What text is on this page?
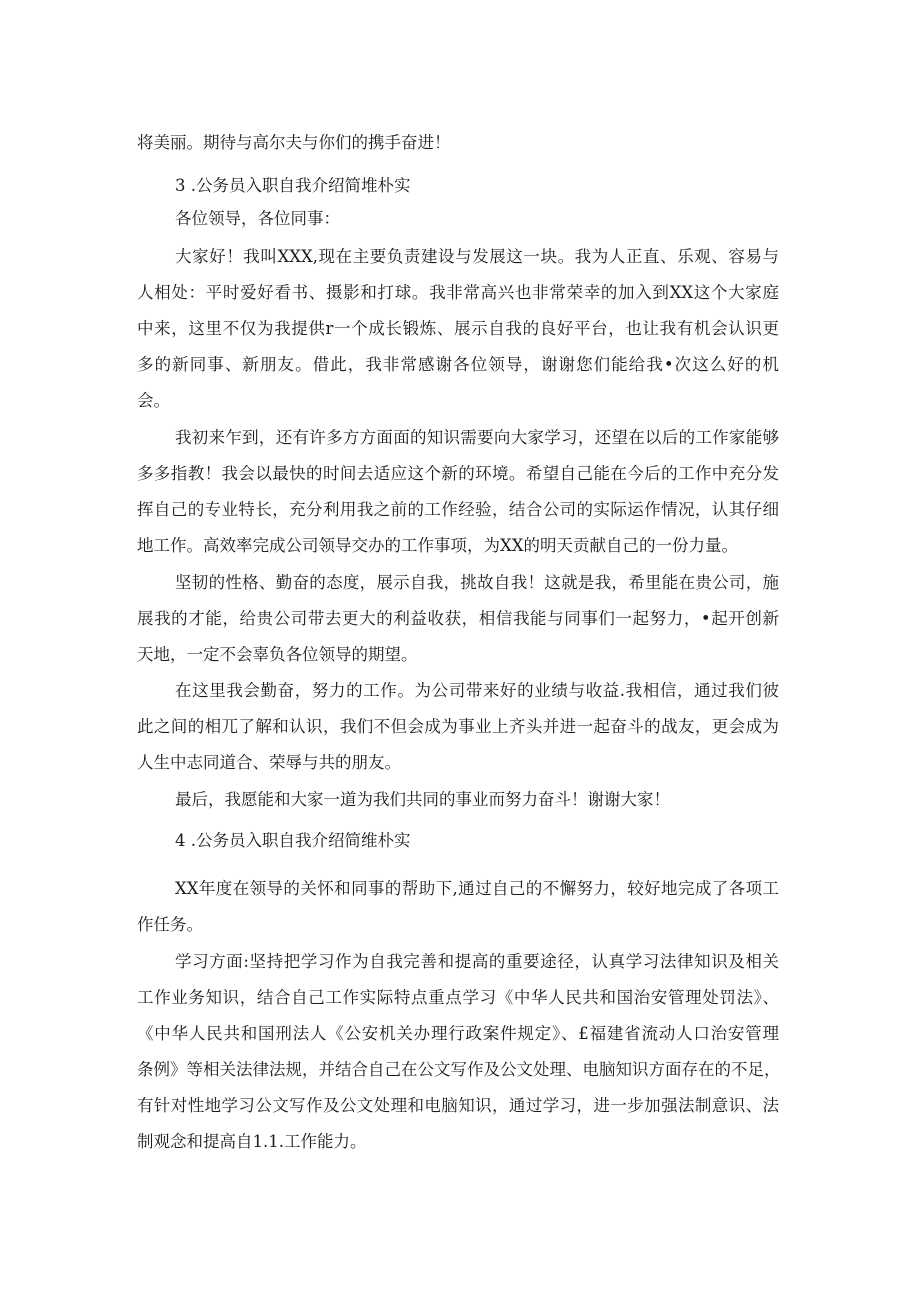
将美丽。期待与高尔夫与你们的携手奋进！
3 .公务员入职自我介绍简堆朴实
各位领导，各位同事：
大家好！我叫XXX,现在主要负责建设与发展这一块。我为人正直、乐观、容易与
人相处：平时爱好看书、摄影和打球。我非常高兴也非常荣幸的加入到XX这个大家庭
中来，这里不仅为我提供r一个成长锻炼、展示自我的良好平台，也让我有机会认识更
多的新同事、新朋友。借此，我非常感谢各位领导，谢谢您们能给我•次这么好的机
会。
我初来乍到，还有许多方方面面的知识需要向大家学习，还望在以后的工作家能够
多多指教！我会以最快的时间去适应这个新的环境。希望自己能在今后的工作中充分发
挥自己的专业特长，充分利用我之前的工作经验，结合公司的实际运作情况，认其仔细
地工作。高效率完成公司领导交办的工作事项，为XX的明天贡献自己的一份力量。
坚韧的性格、勤奋的态度，展示自我，挑故自我！这就是我，希里能在贵公司，施
展我的才能，给贵公司带去更大的利益收获，相信我能与同事们一起努力，•起开创新
天地，一定不会辜负各位领导的期望。
在这里我会勤奋，努力的工作。为公司带来好的业绩与收益.我相信，通过我们彼
此之间的相兀了解和认识，我们不但会成为事业上齐头并进一起奋斗的战友，更会成为
人生中志同道合、荣辱与共的朋友。
最后，我愿能和大家一道为我们共同的事业而努力奋斗！谢谢大家！
4 .公务员入职自我介绍简维朴实
XX年度在领导的关怀和同事的帮助下,通过自己的不懈努力，较好地完成了各项工
作任务。
学习方面:坚持把学习作为自我完善和提高的重要途径，认真学习法律知识及相关
工作业务知识，结合自己工作实际特点重点学习《中华人民共和国治安管理处罚法》、
《中华人民共和国刑法人《公安机关办理行政案件规定》、£福建省流动人口治安管理
条例》等相关法律法规，并结合自己在公文写作及公文处理、电脑知识方面存在的不足，
有针对性地学习公文写作及公文处理和电脑知识，通过学习，进一步加强法制意识、法
制观念和提高自1.1.工作能力。
